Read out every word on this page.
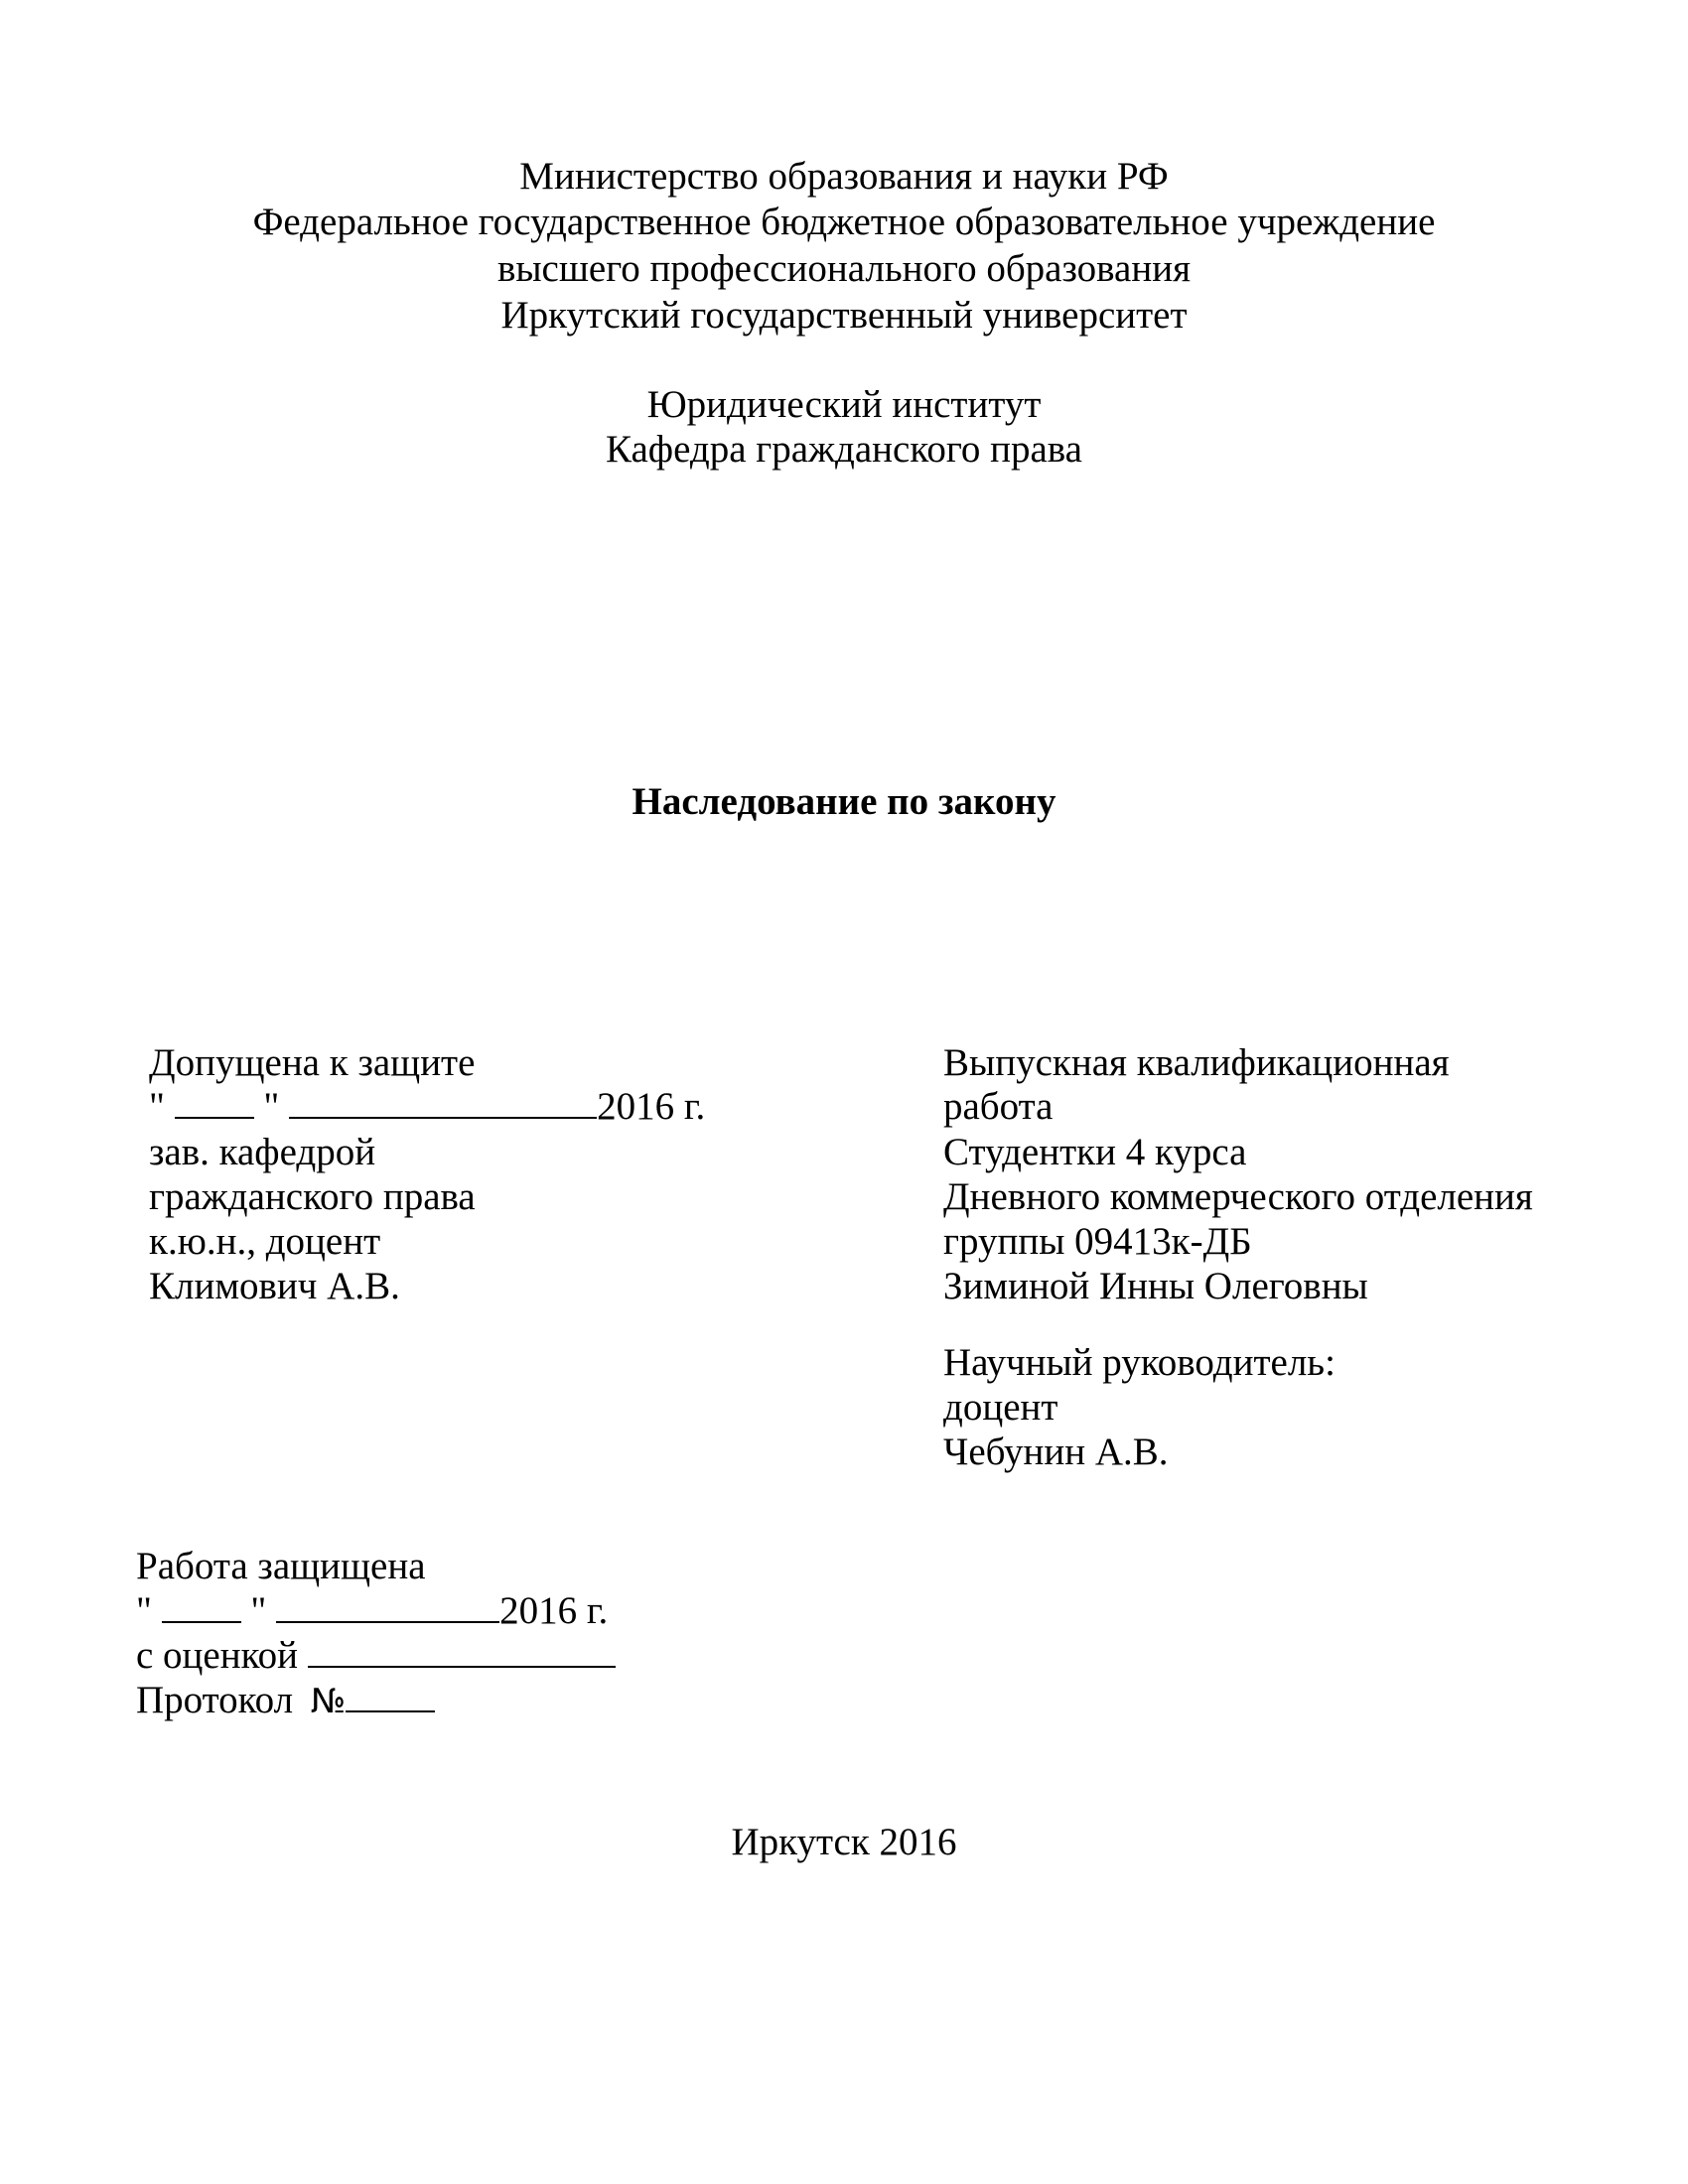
Министерство образования и науки РФ
Федеральное государственное бюджетное образовательное учреждение
высшего профессионального образования
Иркутский государственный университет
Юридический институт
Кафедра гражданского права
Наследование по закону
Допущена к защите
"	"	2016 г.
зав. кафедрой
гражданского права
к.ю.н., доцент
Климович А.В.
Выпускная квалификационная
работа
Студентки 4 курса
Дневного коммерческого отделения
группы 09413к-ДБ
Зиминой Инны Олеговны
Научный руководитель:
доцент
Чебунин А.В.
Работа защищена
"	"	2016 г.
с оценкой
Протокол №
Иркутск 2016
